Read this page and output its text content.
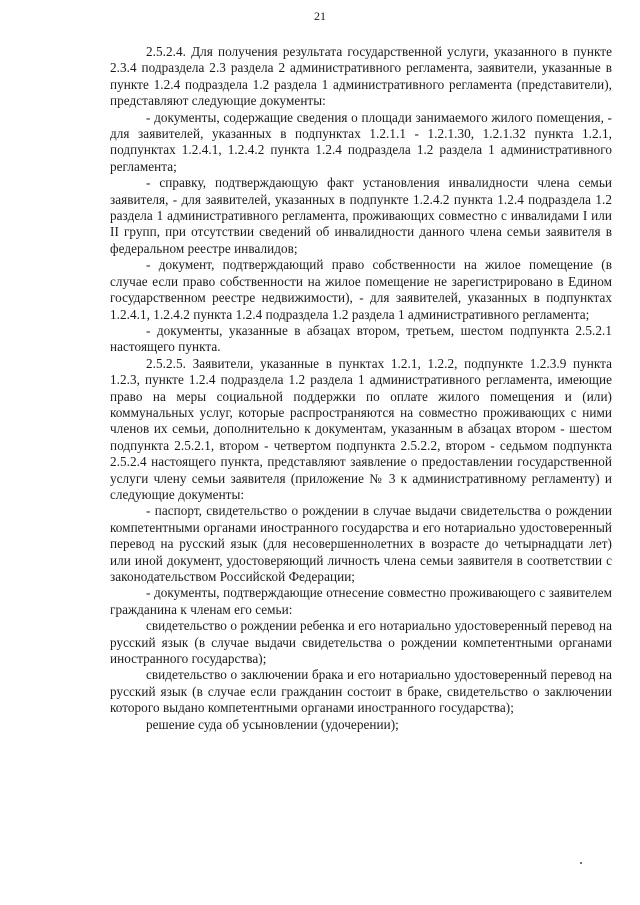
21

2.5.2.4. Для получения результата государственной услуги, указанного в пункте 2.3.4 подраздела 2.3 раздела 2 административного регламента, заявители, указанные в пункте 1.2.4 подраздела 1.2 раздела 1 административного регламента (представители), представляют следующие документы:

- документы, содержащие сведения о площади занимаемого жилого помещения, - для заявителей, указанных в подпунктах 1.2.1.1 - 1.2.1.30, 1.2.1.32 пункта 1.2.1, подпунктах 1.2.4.1, 1.2.4.2 пункта 1.2.4 подраздела 1.2 раздела 1 административного регламента;

- справку, подтверждающую факт установления инвалидности члена семьи заявителя, - для заявителей, указанных в подпункте 1.2.4.2 пункта 1.2.4 подраздела 1.2 раздела 1 административного регламента, проживающих совместно с инвалидами I или II групп, при отсутствии сведений об инвалидности данного члена семьи заявителя в федеральном реестре инвалидов;

- документ, подтверждающий право собственности на жилое помещение (в случае если право собственности на жилое помещение не зарегистрировано в Едином государственном реестре недвижимости), - для заявителей, указанных в подпунктах 1.2.4.1, 1.2.4.2 пункта 1.2.4 подраздела 1.2 раздела 1 административного регламента;

- документы, указанные в абзацах втором, третьем, шестом подпункта 2.5.2.1 настоящего пункта.

2.5.2.5. Заявители, указанные в пунктах 1.2.1, 1.2.2, подпункте 1.2.3.9 пункта 1.2.3, пункте 1.2.4 подраздела 1.2 раздела 1 административного регламента, имеющие право на меры социальной поддержки по оплате жилого помещения и (или) коммунальных услуг, которые распространяются на совместно проживающих с ними членов их семьи, дополнительно к документам, указанным в абзацах втором - шестом подпункта 2.5.2.1, втором - четвертом подпункта 2.5.2.2, втором - седьмом подпункта 2.5.2.4 настоящего пункта, представляют заявление о предоставлении государственной услуги члену семьи заявителя (приложение № 3 к административному регламенту) и следующие документы:

- паспорт, свидетельство о рождении в случае выдачи свидетельства о рождении компетентными органами иностранного государства и его нотариально удостоверенный перевод на русский язык (для несовершеннолетних в возрасте до четырнадцати лет) или иной документ, удостоверяющий личность члена семьи заявителя в соответствии с законодательством Российской Федерации;

- документы, подтверждающие отнесение совместно проживающего с заявителем гражданина к членам его семьи:

свидетельство о рождении ребенка и его нотариально удостоверенный перевод на русский язык (в случае выдачи свидетельства о рождении компетентными органами иностранного государства);

свидетельство о заключении брака и его нотариально удостоверенный перевод на русский язык (в случае если гражданин состоит в браке, свидетельство о заключении которого выдано компетентными органами иностранного государства);

решение суда об усыновлении (удочерении);
